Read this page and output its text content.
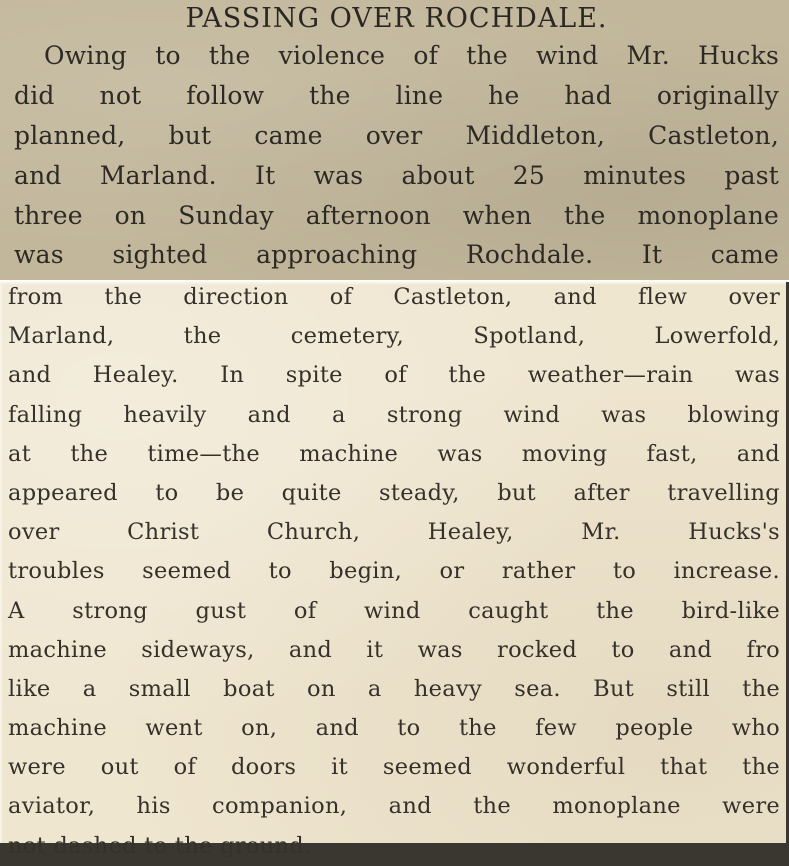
PASSING OVER ROCHDALE.
Owing to the violence of the wind Mr. Hucks
did not follow the line he had originally
planned, but came over Middleton, Castleton,
and Marland. It was about 25 minutes past
three on Sunday afternoon when the monoplane
was sighted approaching Rochdale. It came
from the direction of Castleton, and flew over
Marland, the cemetery, Spotland, Lowerfold,
and Healey. In spite of the weather—rain was
falling heavily and a strong wind was blowing
at the time—the machine was moving fast, and
appeared to be quite steady, but after travelling
over Christ Church, Healey, Mr. Hucks's
troubles seemed to begin, or rather to increase.
A strong gust of wind caught the bird-like
machine sideways, and it was rocked to and fro
like a small boat on a heavy sea. But still the
machine went on, and to the few people who
were out of doors it seemed wonderful that the
aviator, his companion, and the monoplane were
not dashed to the ground.
